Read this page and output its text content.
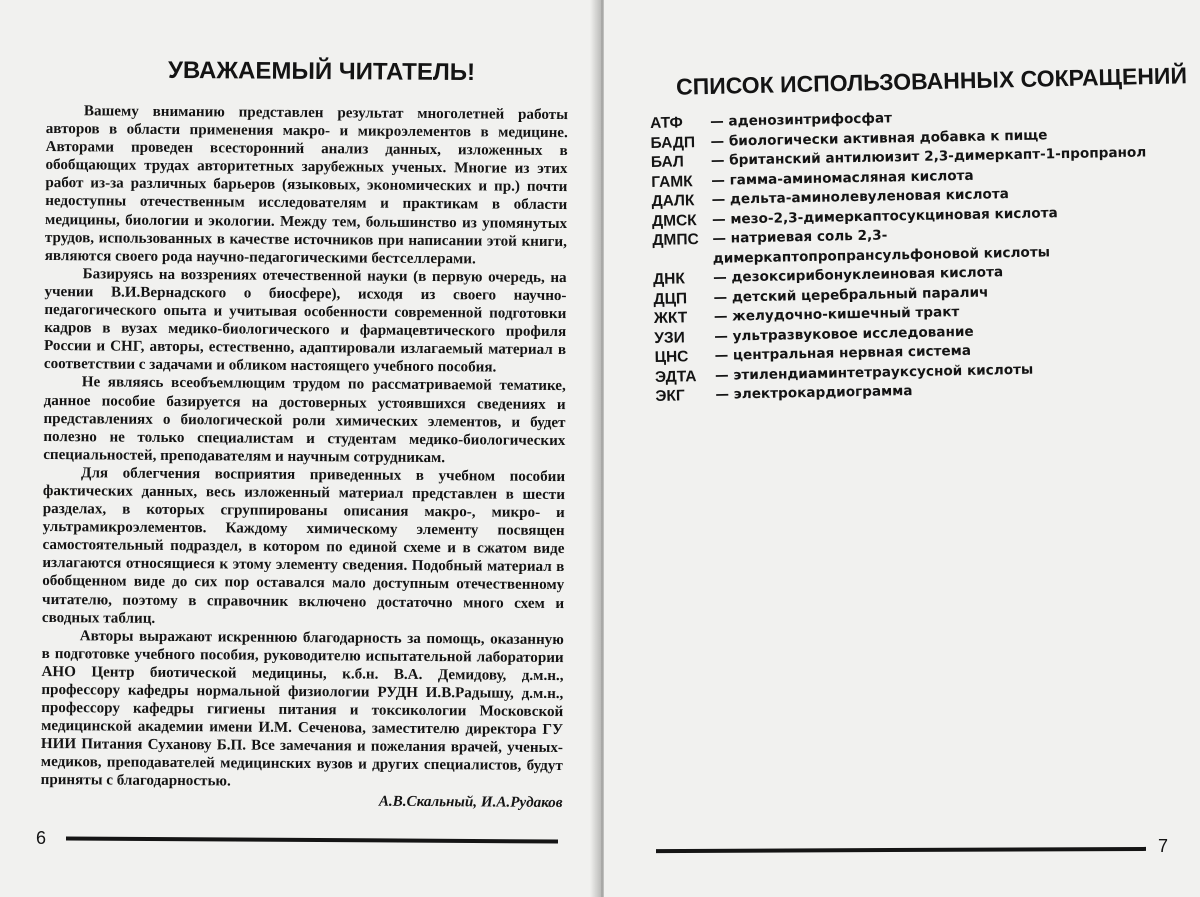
УВАЖАЕМЫЙ ЧИТАТЕЛЬ!

Вашему вниманию представлен результат многолетней работы авторов в области применения макро- и микроэлементов в медицине. Авторами проведен всесторонний анализ данных, изложенных в обобщающих трудах авторитетных зарубежных ученых. Многие из этих работ из-за различных барьеров (языковых, экономических и пр.) почти недоступны отечественным исследователям и практикам в области медицины, биологии и экологии. Между тем, большинство из упомянутых трудов, использованных в качестве источников при написании этой книги, являются своего рода научно-педагогическими бестселлерами.

Базируясь на воззрениях отечественной науки (в первую очередь, на учении В.И.Вернадского о биосфере), исходя из своего научно-педагогического опыта и учитывая особенности современной подготовки кадров в вузах медико-биологического и фармацевтического профиля России и СНГ, авторы, естественно, адаптировали излагаемый материал в соответствии с задачами и обликом настоящего учебного пособия.

Не являясь всеобъемлющим трудом по рассматриваемой тематике, данное пособие базируется на достоверных устоявшихся сведениях и представлениях о биологической роли химических элементов, и будет полезно не только специалистам и студентам медико-биологических специальностей, преподавателям и научным сотрудникам.

Для облегчения восприятия приведенных в учебном пособии фактических данных, весь изложенный материал представлен в шести разделах, в которых сгруппированы описания макро-, микро- и ультрамикроэлементов. Каждому химическому элементу посвящен самостоятельный подраздел, в котором по единой схеме и в сжатом виде излагаются относящиеся к этому элементу сведения. Подобный материал в обобщенном виде до сих пор оставался мало доступным отечественному читателю, поэтому в справочник включено достаточно много схем и сводных таблиц.

Авторы выражают искреннюю благодарность за помощь, оказанную в подготовке учебного пособия, руководителю испытательной лаборатории АНО Центр биотической медицины, к.б.н. В.А. Демидову, д.м.н., профессору кафедры нормальной физиологии РУДН И.В.Радышу, д.м.н., профессору кафедры гигиены питания и токсикологии Московской медицинской академии имени И.М. Сеченова, заместителю директора ГУ НИИ Питания Суханову Б.П. Все замечания и пожелания врачей, ученых-медиков, преподавателей медицинских вузов и других специалистов, будут приняты с благодарностью.

А.В.Скальный, И.А.Рудаков

6
СПИСОК ИСПОЛЬЗОВАННЫХ СОКРАЩЕНИЙ
АТФ	— аденозинтрифосфат
БАДП	— биологически активная добавка к пище
БАЛ	— британский антилюизит 2,3-димеркапт-1-пропранол
ГАМК	— гамма-аминомасляная кислота
ДАЛК	— дельта-аминолевуленовая кислота
ДМСК	— мезо-2,3-димеркаптосукциновая кислота
ДМПС — натриевая соль 2,3-димеркаптопропрансульфоновой кислоты
ДНК	— дезоксирибонуклеиновая кислота
ДЦП	— детский церебральный паралич
ЖКТ	— желудочно-кишечный тракт
УЗИ	— ультразвуковое исследование
ЦНС	— центральная нервная система
ЭДТА	— этилендиаминтетрауксусной кислоты
ЭКГ	— электрокардиограмма
7
